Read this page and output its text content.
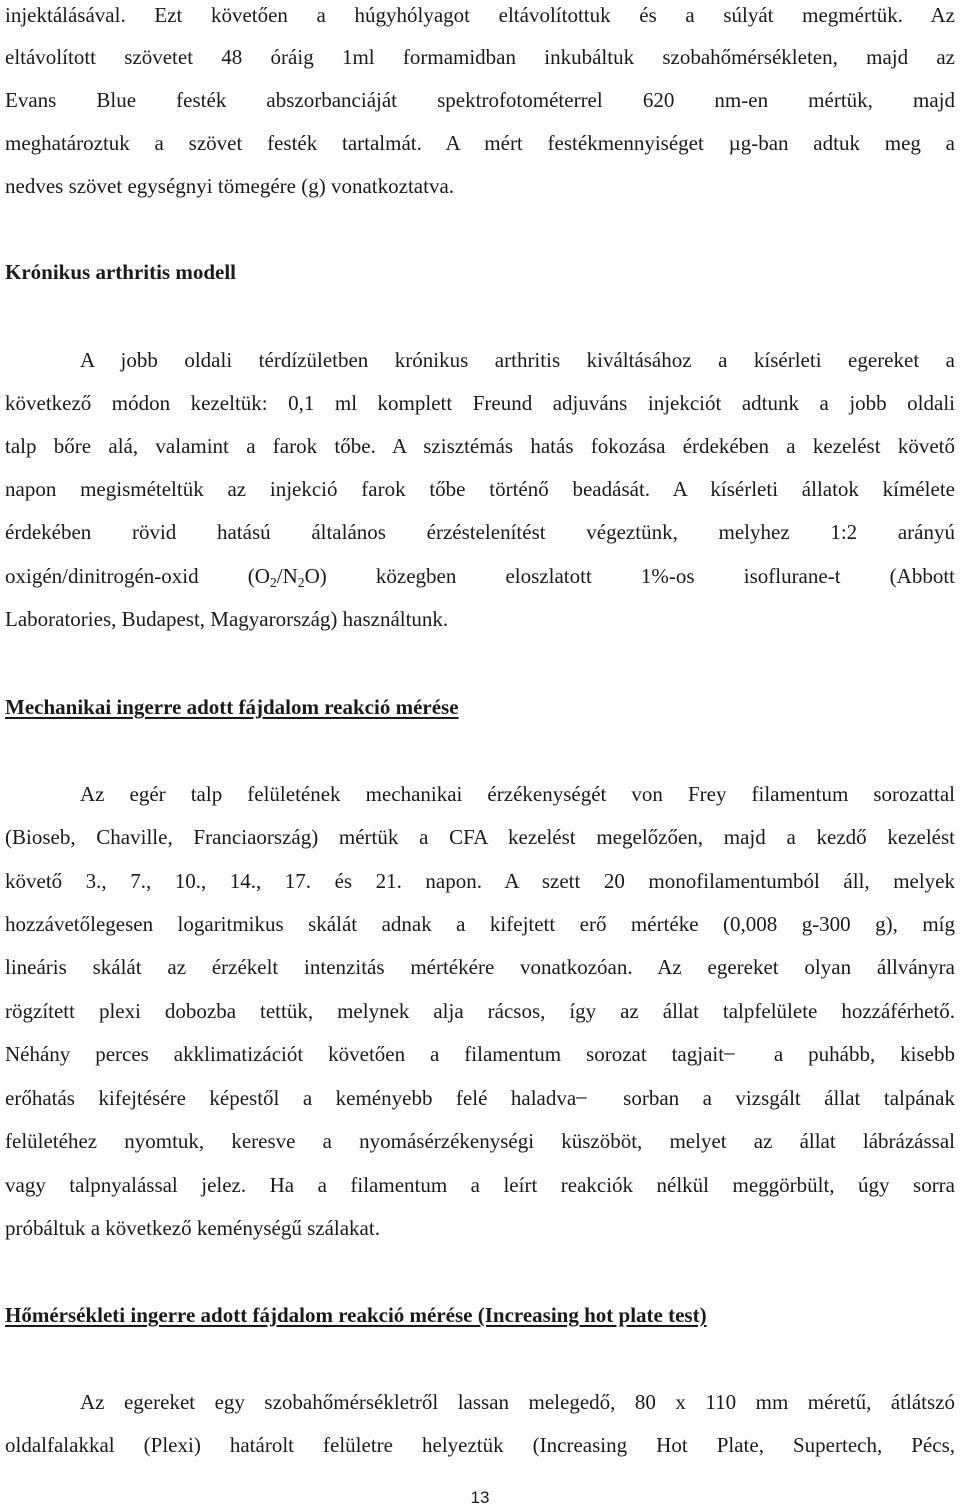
injektálásával. Ezt követően a húgyhólyagot eltávolítottuk és a súlyát megmértük. Az
eltávolított szövetet 48 óráig 1ml formamidban inkubáltuk szobahőmérsékleten, majd az
Evans Blue festék abszorbanciáját spektrofotométerrel 620 nm-en mértük, majd
meghatároztuk a szövet festék tartalmát. A mért festékmennyiséget µg-ban adtuk meg a
nedves szövet egységnyi tömegére (g) vonatkoztatva.
Krónikus arthritis modell
A jobb oldali térdízületben krónikus arthritis kiváltásához a kísérleti egereket a
következő módon kezeltük: 0,1 ml komplett Freund adjuváns injekciót adtunk a jobb oldali
talp bőre alá, valamint a farok tőbe. A szisztémás hatás fokozása érdekében a kezelést követő
napon megismételtük az injekció farok tőbe történő beadását. A kísérleti állatok kímélete
érdekében rövid hatású általános érzéstelenítést végeztünk, melyhez 1:2 arányú
oxigén/dinitrogén-oxid $(O_2/N_2O)$ közegben eloszlatott 1%-os isoflurane-t (Abbott
Laboratories, Budapest, Magyarország) használtunk.
Mechanikai ingerre adott fájdalom reakció mérése
Az egér talp felületének mechanikai érzékenységét von Frey filamentum sorozattal
(Bioseb, Chaville, Franciaország) mértük a CFA kezelést megelőzően, majd a kezdő kezelést
követő 3., 7., 10., 14., 17. és 21. napon. A szett 20 monofilamentumból áll, melyek
hozzávetőlegesen logaritmikus skálát adnak a kifejtett erő mértéke (0,008 g-300 g), míg
lineáris skálát az érzékelt intenzitás mértékére vonatkozóan. Az egereket olyan állványra
rögzített plexi dobozba tettük, melynek alja rácsos, így az állat talpfelülete hozzáférhető.
Néhány perces akklimatizációt követően a filamentum sorozat tagjait ̶ a puhább, kisebb
erőhatás kifejtésére képestől a keményebb felé haladva ̶ sorban a vizsgált állat talpának
felületéhez nyomtuk, keresve a nyomásérzékenységi küszöböt, melyet az állat lábrázással
vagy talpnyalással jelez. Ha a filamentum a leírt reakciók nélkül meggörbült, úgy sorra
próbáltuk a következő keménységű szálakat.
Hőmérsékleti ingerre adott fájdalom reakció mérése (Increasing hot plate test)
Az egereket egy szobahőmérsékletről lassan melegedő, 80 x 110 mm méretű, átlátszó
oldalfalakkal (Plexi) határolt felületre helyeztük (Increasing Hot Plate, Supertech, Pécs,
13
